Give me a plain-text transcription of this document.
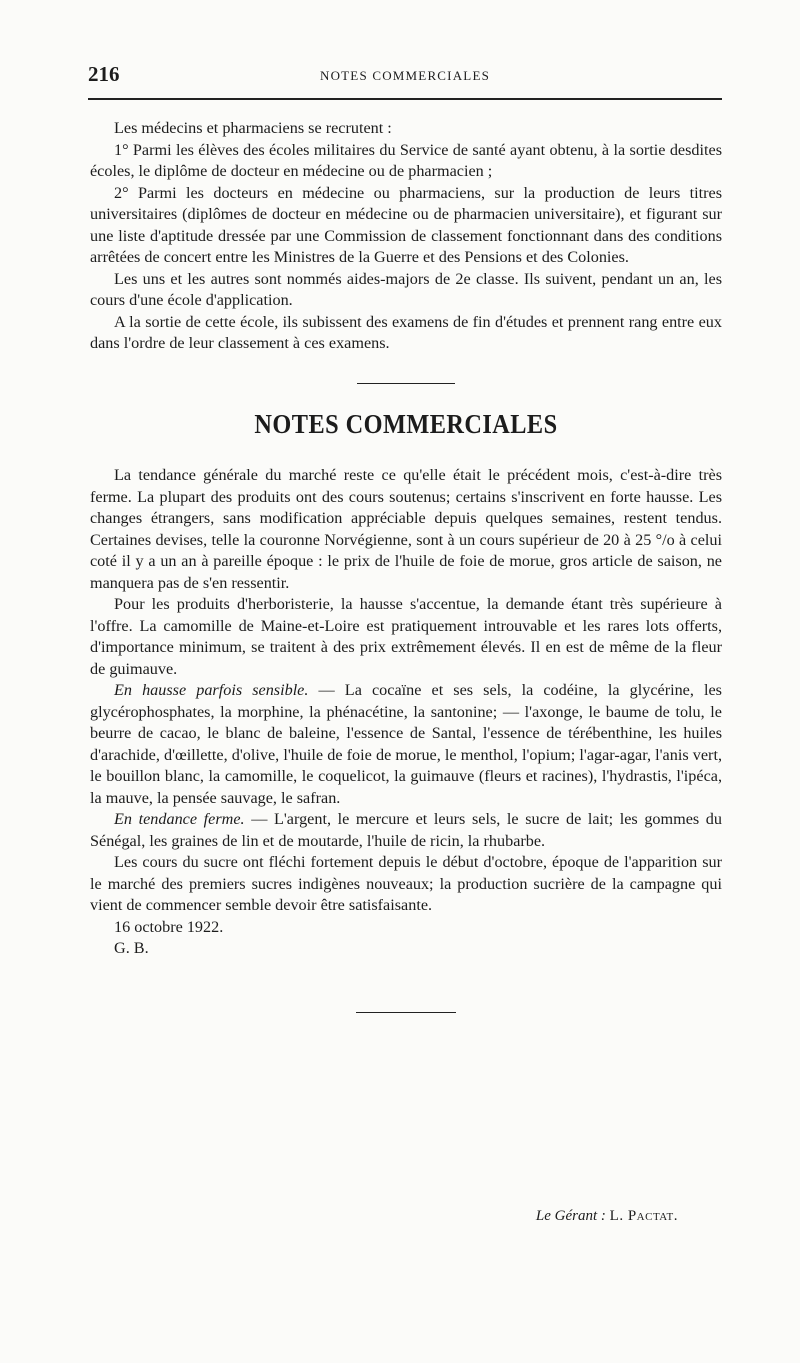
216	NOTES COMMERCIALES

Les médecins et pharmaciens se recrutent :

1° Parmi les élèves des écoles militaires du Service de santé ayant obtenu, à la sortie desdites écoles, le diplôme de docteur en médecine ou de pharmacien ;

2° Parmi les docteurs en médecine ou pharmaciens, sur la production de leurs titres universitaires (diplômes de docteur en médecine ou de pharmacien universitaire), et figurant sur une liste d'aptitude dressée par une Commission de classement fonctionnant dans des conditions arrêtées de concert entre les Ministres de la Guerre et des Pensions et des Colonies.

Les uns et les autres sont nommés aides-majors de 2e classe. Ils suivent, pendant un an, les cours d'une école d'application.

A la sortie de cette école, ils subissent des examens de fin d'études et prennent rang entre eux dans l'ordre de leur classement à ces examens.

NOTES COMMERCIALES

La tendance générale du marché reste ce qu'elle était le précédent mois, c'est-à-dire très ferme. La plupart des produits ont des cours soutenus; certains s'inscrivent en forte hausse. Les changes étrangers, sans modification appréciable depuis quelques semaines, restent tendus. Certaines devises, telle la couronne Norvégienne, sont à un cours supérieur de 20 à 25 °/o à celui coté il y a un an à pareille époque : le prix de l'huile de foie de morue, gros article de saison, ne manquera pas de s'en ressentir.

Pour les produits d'herboristerie, la hausse s'accentue, la demande étant très supérieure à l'offre. La camomille de Maine-et-Loire est pratiquement introuvable et les rares lots offerts, d'importance minimum, se traitent à des prix extrêmement élevés. Il en est de même de la fleur de guimauve.

En hausse parfois sensible. — La cocaïne et ses sels, la codéine, la glycérine, les glycérophosphates, la morphine, la phénacétine, la santonine; — l'axonge, le baume de tolu, le beurre de cacao, le blanc de baleine, l'essence de Santal, l'essence de térébenthine, les huiles d'arachide, d'œillette, d'olive, l'huile de foie de morue, le menthol, l'opium; l'agar-agar, l'anis vert, le bouillon blanc, la camomille, le coquelicot, la guimauve (fleurs et racines), l'hydrastis, l'ipéca, la mauve, la pensée sauvage, le safran.

En tendance ferme. — L'argent, le mercure et leurs sels, le sucre de lait; les gommes du Sénégal, les graines de lin et de moutarde, l'huile de ricin, la rhubarbe.

Les cours du sucre ont fléchi fortement depuis le début d'octobre, époque de l'apparition sur le marché des premiers sucres indigènes nouveaux; la production sucrière de la campagne qui vient de commencer semble devoir être satisfaisante.

16 octobre 1922.

G. B.

Le Gérant : L. Pactat.
